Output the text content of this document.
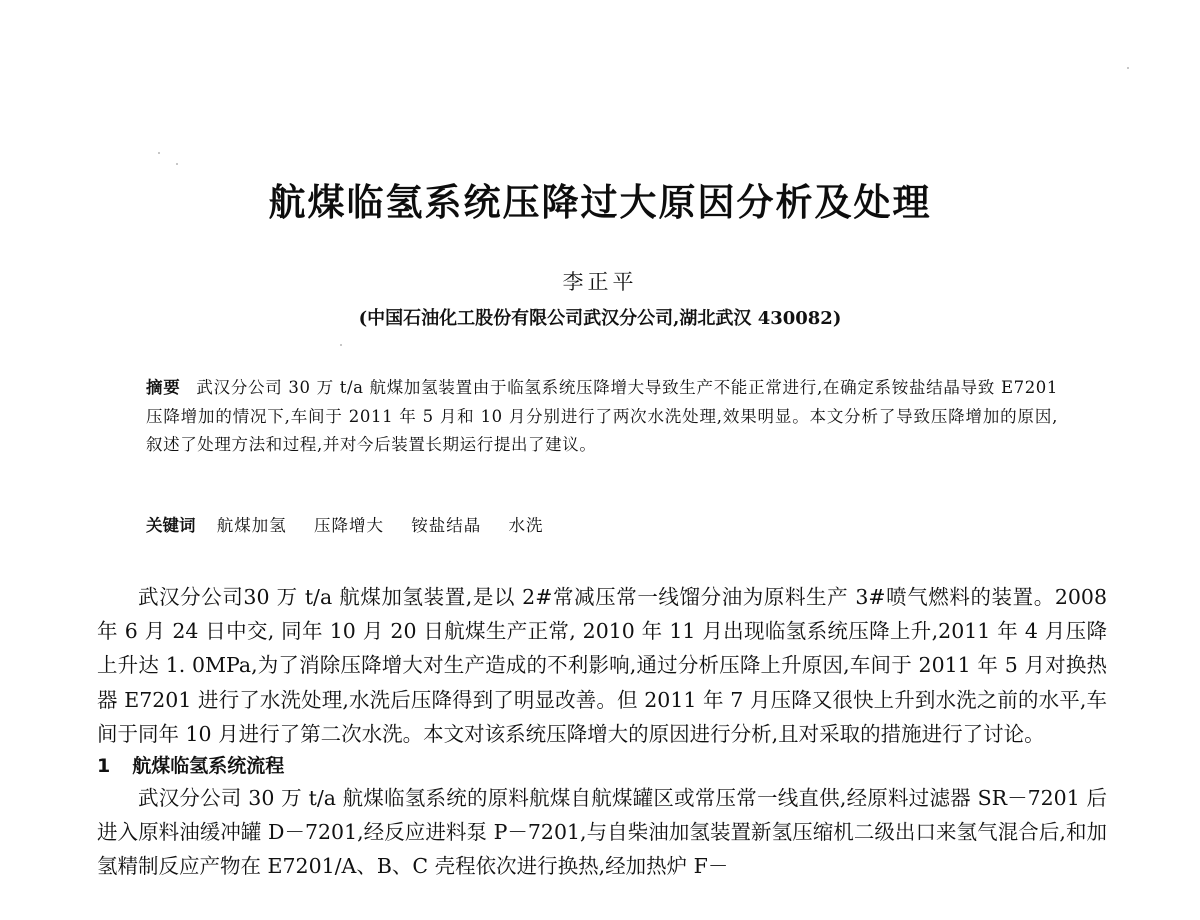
航煤临氢系统压降过大原因分析及处理
李正平
(中国石油化工股份有限公司武汉分公司,湖北武汉 430082)
摘要 武汉分公司 30 万 t/a 航煤加氢装置由于临氢系统压降增大导致生产不能正常进行,在确定系铵盐结晶导致 E7201 压降增加的情况下,车间于 2011 年 5 月和 10 月分别进行了两次水洗处理,效果明显。本文分析了导致压降增加的原因,叙述了处理方法和过程,并对今后装置长期运行提出了建议。
关键词 航煤加氢 压降增大 铵盐结晶 水洗

武汉分公司30 万 t/a 航煤加氢装置,是以 2#常减压常一线馏分油为原料生产 3#喷气燃料的装置。2008 年 6 月 24 日中交, 同年 10 月 20 日航煤生产正常, 2010 年 11 月出现临氢系统压降上升,2011 年 4 月压降上升达 1. 0MPa,为了消除压降增大对生产造成的不利影响,通过分析压降上升原因,车间于 2011 年 5 月对换热器 E7201 进行了水洗处理,水洗后压降得到了明显改善。但 2011 年 7 月压降又很快上升到水洗之前的水平,车间于同年 10 月进行了第二次水洗。本文对该系统压降增大的原因进行分析,且对采取的措施进行了讨论。

1 航煤临氢系统流程

武汉分公司 30 万 t/a 航煤临氢系统的原料航煤自航煤罐区或常压常一线直供,经原料过滤器 SR－7201 后进入原料油缓冲罐 D－7201,经反应进料泵 P－7201,与自柴油加氢装置新氢压缩机二级出口来氢气混合后,和加氢精制反应产物在 E7201/A、B、C 壳程依次进行换热,经加热炉 F－
